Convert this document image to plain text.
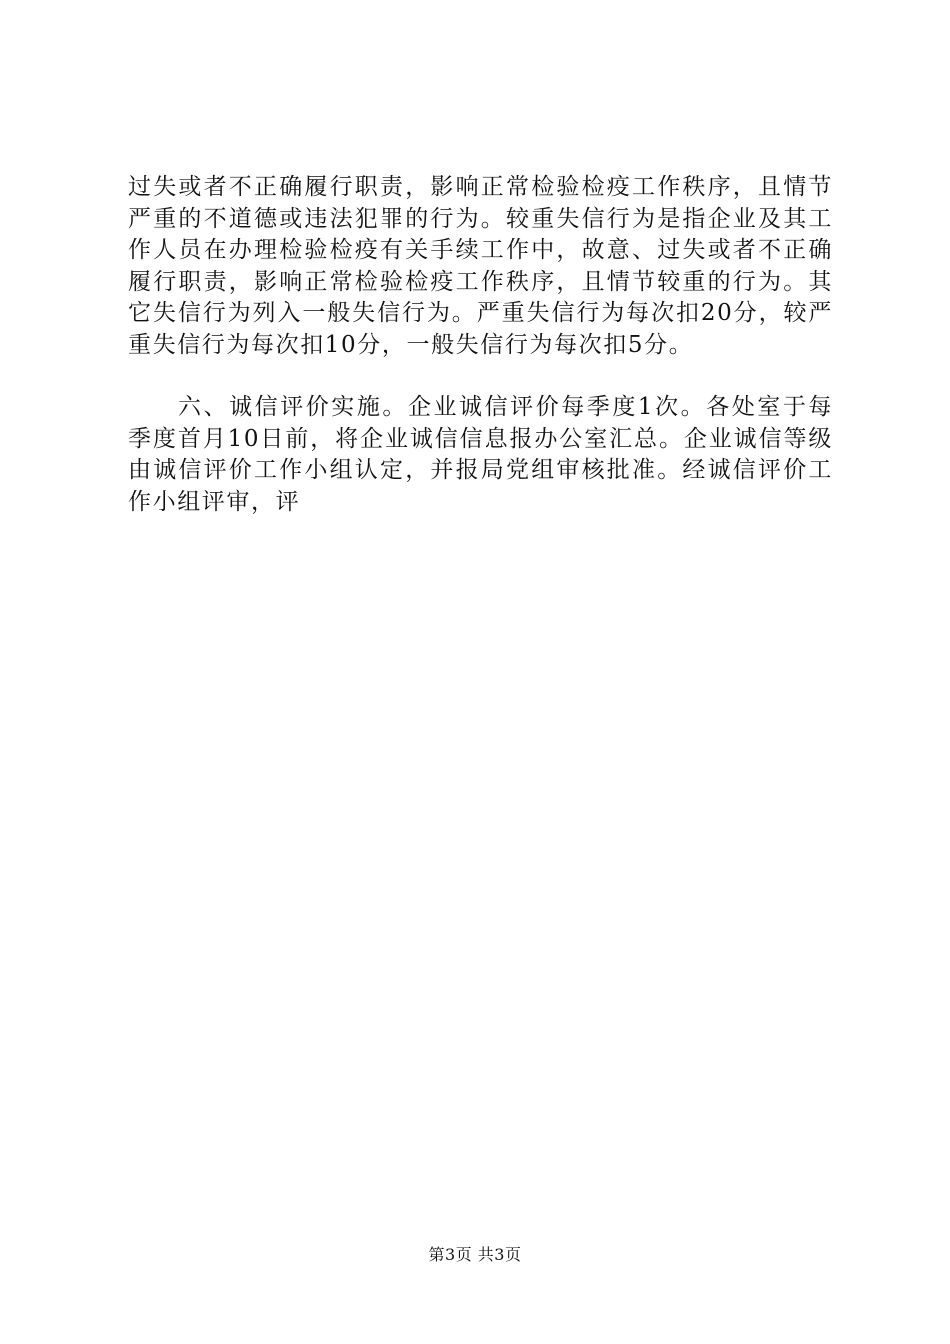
过失或者不正确履行职责，影响正常检验检疫工作秩序，且情节严重的不道德或违法犯罪的行为。较重失信行为是指企业及其工作人员在办理检验检疫有关手续工作中，故意、过失或者不正确履行职责，影响正常检验检疫工作秩序，且情节较重的行为。其它失信行为列入一般失信行为。严重失信行为每次扣20分，较严重失信行为每次扣10分，一般失信行为每次扣5分。

六、诚信评价实施。企业诚信评价每季度1次。各处室于每季度首月10日前，将企业诚信信息报办公室汇总。企业诚信等级由诚信评价工作小组认定，并报局党组审核批准。经诚信评价工作小组评审，评

第3页 共3页
